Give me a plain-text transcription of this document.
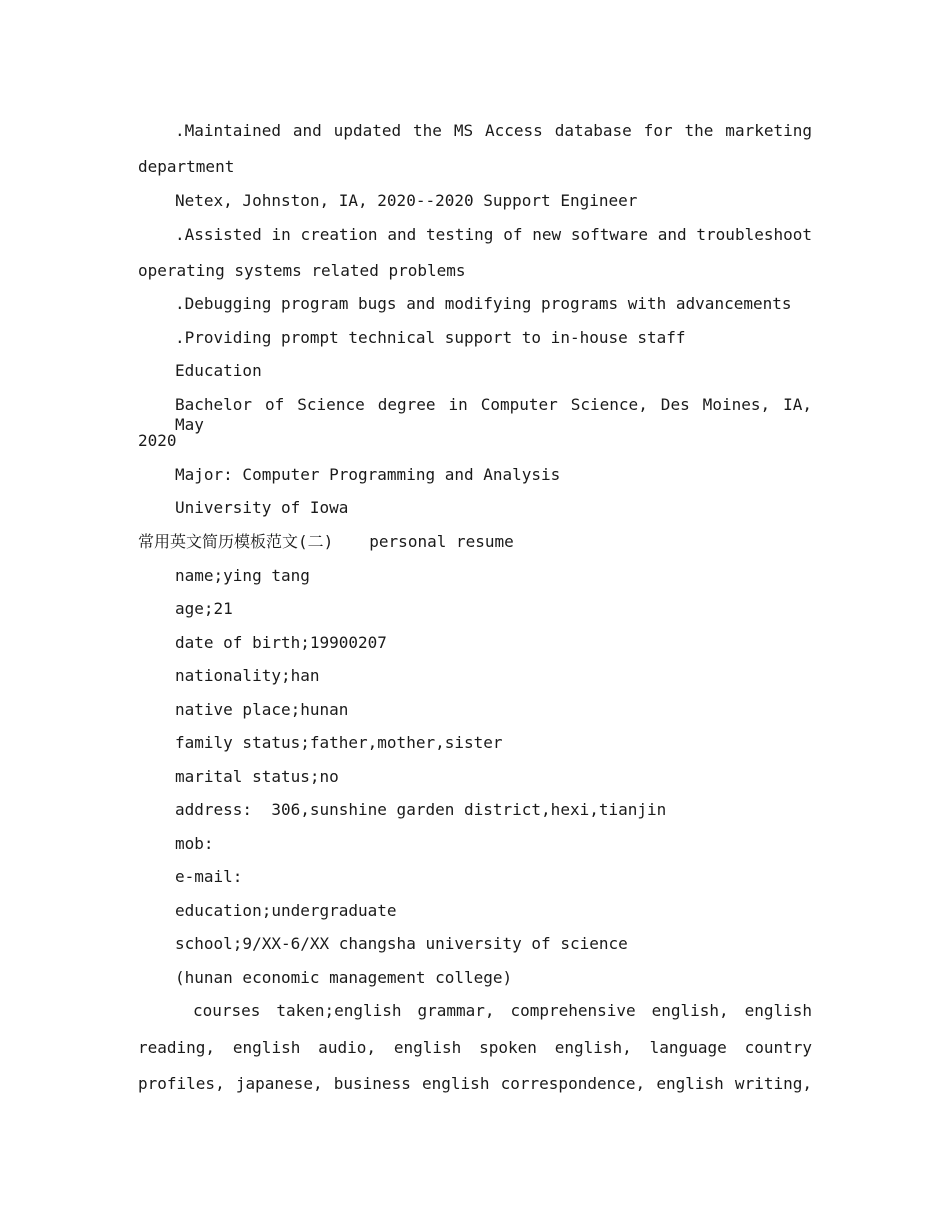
.Maintained and updated the MS Access database for the marketing
department
Netex, Johnston, IA, 2020--2020 Support Engineer
.Assisted in creation and testing of new software and troubleshoot
operating systems related problems
.Debugging program bugs and modifying programs with advancements
.Providing prompt technical support to in-house staff
Education
Bachelor of Science degree in Computer Science, Des Moines, IA, May
2020
Major: Computer Programming and Analysis
University of Iowa
常用英文简历模板范文(二) personal resume
name;ying tang
age;21
date of birth;19900207
nationality;han
native place;hunan
family status;father,mother,sister
marital status;no
address:  306,sunshine garden district,hexi,tianjin
mob:
e-mail:
education;undergraduate
school;9/XX-6/XX changsha university of science
(hunan economic management college)
courses taken;english grammar, comprehensive english, english
reading, english audio, english spoken english, language country
profiles, japanese, business english correspondence, english writing,
